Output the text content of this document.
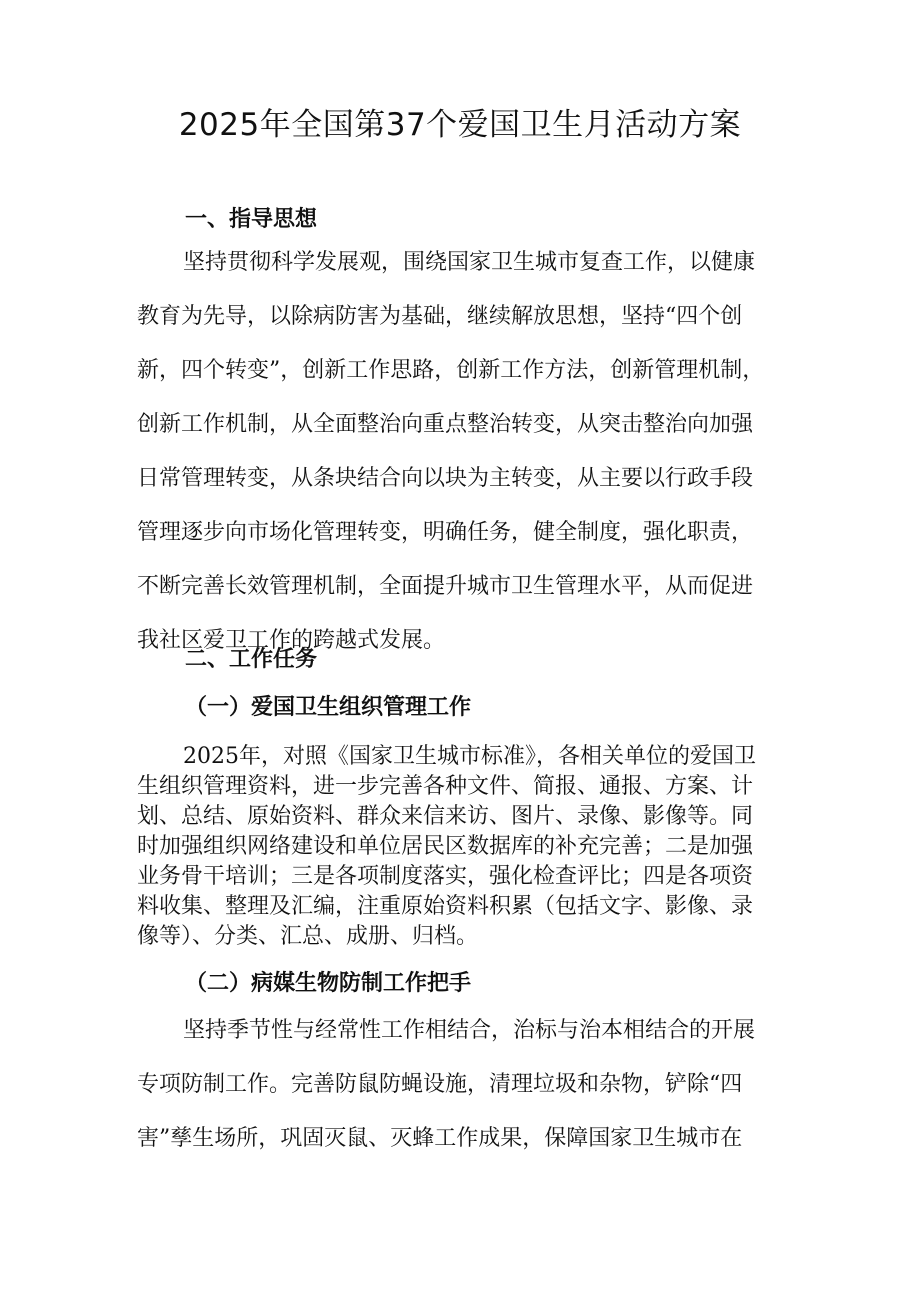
2025年全国第37个爱国卫生月活动方案
一、指导思想
坚持贯彻科学发展观，围绕国家卫生城市复查工作，以健康
教育为先导，以除病防害为基础，继续解放思想，坚持“四个创
新，四个转变”，创新工作思路，创新工作方法，创新管理机制，
创新工作机制，从全面整治向重点整治转变，从突击整治向加强
日常管理转变，从条块结合向以块为主转变，从主要以行政手段
管理逐步向市场化管理转变，明确任务，健全制度，强化职责，
不断完善长效管理机制，全面提升城市卫生管理水平，从而促进
我社区爱卫工作的跨越式发展。
二、工作任务
（一）爱国卫生组织管理工作
2025年，对照《国家卫生城市标准》，各相关单位的爱国卫
生组织管理资料，进一步完善各种文件、简报、通报、方案、计
划、总结、原始资料、群众来信来访、图片、录像、影像等。同
时加强组织网络建设和单位居民区数据库的补充完善；二是加强
业务骨干培训；三是各项制度落实，强化检查评比；四是各项资
料收集、整理及汇编，注重原始资料积累（包括文字、影像、录
像等）、分类、汇总、成册、归档。
（二）病媒生物防制工作把手
坚持季节性与经常性工作相结合，治标与治本相结合的开展
专项防制工作。完善防鼠防蝇设施，清理垃圾和杂物，铲除“四
害”孳生场所，巩固灭鼠、灭蜂工作成果，保障国家卫生城市在
